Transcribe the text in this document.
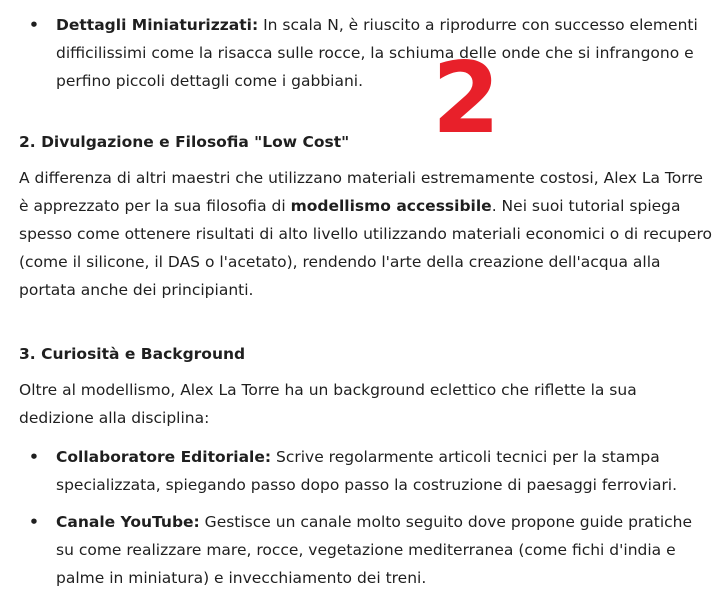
• Dettagli Miniaturizzati: In scala N, è riuscito a riprodurre con successo elementi difficilissimi come la risacca sulle rocce, la schiuma delle onde che si infrangono e perfino piccoli dettagli come i gabbiani. 2
2. Divulgazione e Filosofia "Low Cost"

A differenza di altri maestri che utilizzano materiali estremamente costosi, Alex La Torre è apprezzato per la sua filosofia di modellismo accessibile. Nei suoi tutorial spiega spesso come ottenere risultati di alto livello utilizzando materiali economici o di recupero (come il silicone, il DAS o l'acetato), rendendo l'arte della creazione dell'acqua alla portata anche dei principianti.

3. Curiosità e Background

Oltre al modellismo, Alex La Torre ha un background eclettico che riflette la sua dedizione alla disciplina:

• Collaboratore Editoriale: Scrive regolarmente articoli tecnici per la stampa specializzata, spiegando passo dopo passo la costruzione di paesaggi ferroviari.
• Canale YouTube: Gestisce un canale molto seguito dove propone guide pratiche su come realizzare mare, rocce, vegetazione mediterranea (come fichi d'india e palme in miniatura) e invecchiamento dei treni.
